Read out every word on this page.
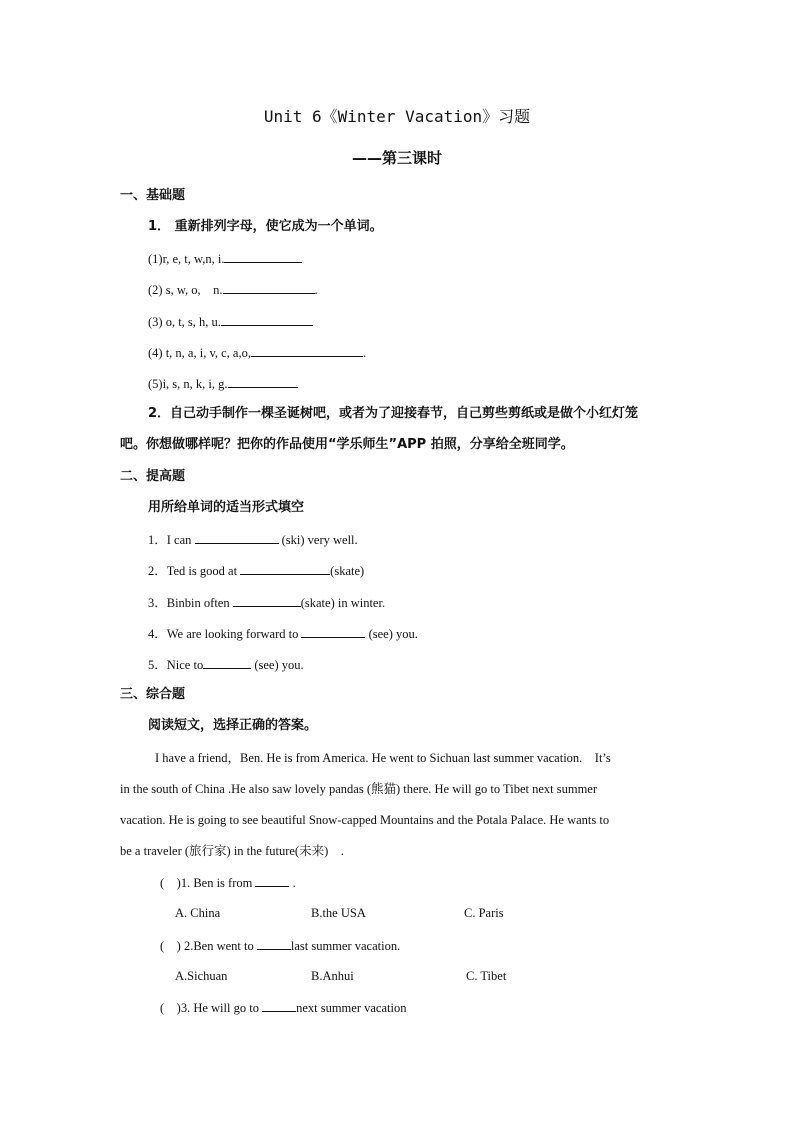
Unit 6《Winter Vacation》习题
——第三课时
一、基础题
1． 重新排列字母，使它成为一个单词。
(1)r, e, t, w,n, i.
(2) s, w, o,　n.	.
(3) o, t, s, h, u.
(4) t, n, a, i, v, c, a,o,	.
(5)i, s, n, k, i, g.
2．自己动手制作一棵圣诞树吧，或者为了迎接春节，自己剪些剪纸或是做个小红灯笼
吧。你想做哪样呢？把你的作品使用“学乐师生”APP 拍照，分享给全班同学。
二、提高题
用所给单词的适当形式填空
1．I can	(ski) very well.
2．Ted is good at	(skate)
3．Binbin often	(skate) in winter.
4．We are looking forward to	(see) you.
5．Nice to	(see) you.
三、综合题
阅读短文，选择正确的答案。
I have a friend，Ben. He is from America. He went to Sichuan last summer vacation.　It’s
in the south of China .He also saw lovely pandas (熊猫) there. He will go to Tibet next summer
vacation. He is going to see beautiful Snow-capped Mountains and the Potala Palace. He wants to
be a traveler (旅行家) in the future(未来)　.
(　)1. Ben is from	.
A. China	B.the USA	C. Paris
(　) 2.Ben went to	last summer vacation.
A.Sichuan	B.Anhui	C. Tibet
(　)3. He will go to	next summer vacation
